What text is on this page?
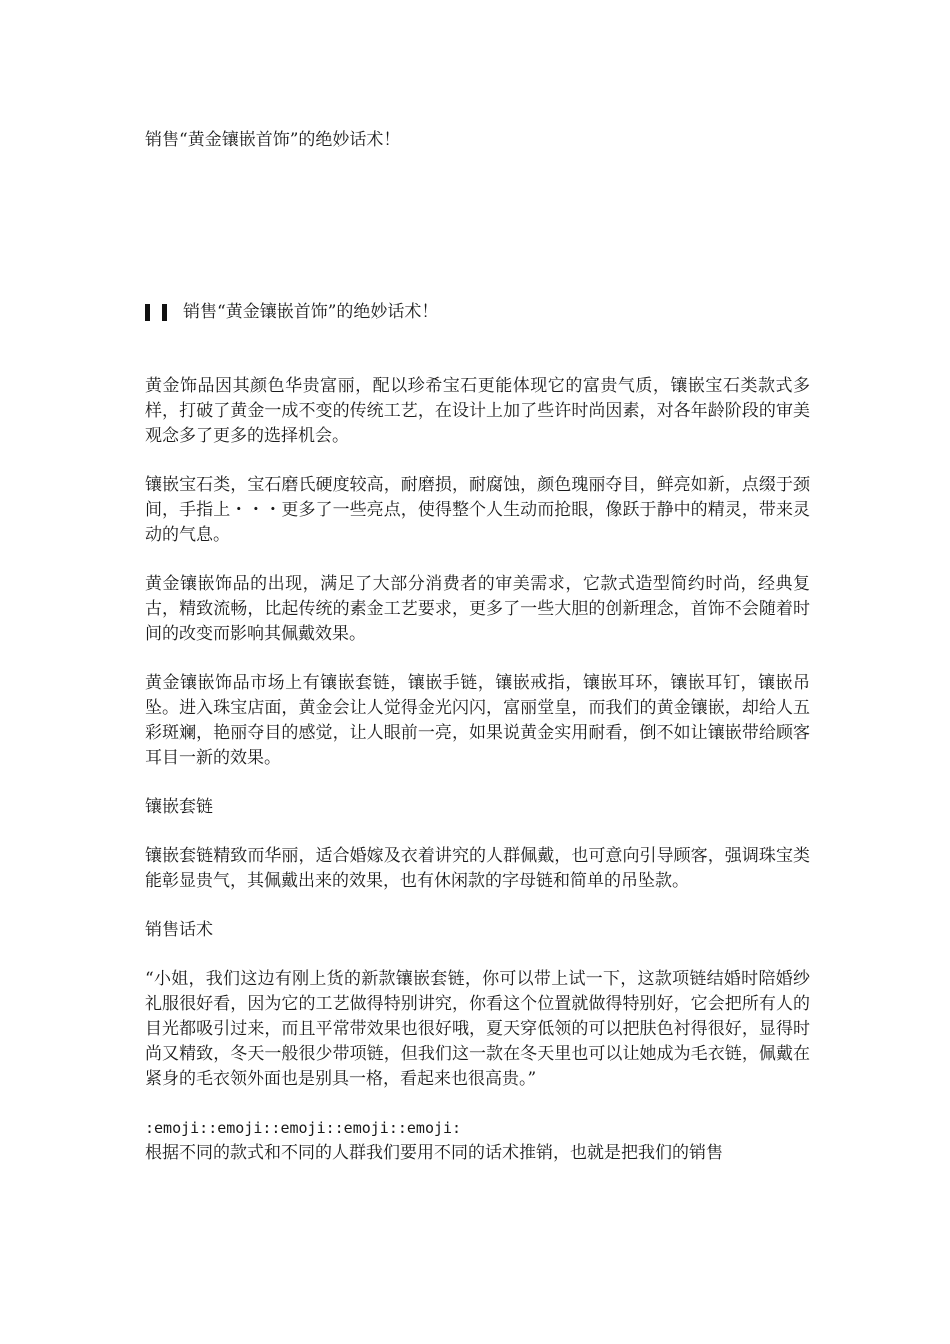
销售“黄金镶嵌首饰”的绝妙话术！
销售“黄金镶嵌首饰”的绝妙话术！

黄金饰品因其颜色华贵富丽，配以珍希宝石更能体现它的富贵气质，镶嵌宝石类款式多样，打破了黄金一成不变的传统工艺，在设计上加了些许时尚因素，对各年龄阶段的审美观念多了更多的选择机会。

镶嵌宝石类，宝石磨氏硬度较高，耐磨损，耐腐蚀，颜色瑰丽夺目，鲜亮如新，点缀于颈间，手指上・・・更多了一些亮点，使得整个人生动而抢眼，像跃于静中的精灵，带来灵动的气息。

黄金镶嵌饰品的出现，满足了大部分消费者的审美需求，它款式造型简约时尚，经典复古，精致流畅，比起传统的素金工艺要求，更多了一些大胆的创新理念，首饰不会随着时间的改变而影响其佩戴效果。

黄金镶嵌饰品市场上有镶嵌套链，镶嵌手链，镶嵌戒指，镶嵌耳环，镶嵌耳钉，镶嵌吊坠。进入珠宝店面，黄金会让人觉得金光闪闪，富丽堂皇，而我们的黄金镶嵌，却给人五彩斑斓，艳丽夺目的感觉，让人眼前一亮，如果说黄金实用耐看，倒不如让镶嵌带给顾客耳目一新的效果。

镶嵌套链

镶嵌套链精致而华丽，适合婚嫁及衣着讲究的人群佩戴，也可意向引导顾客，强调珠宝类能彰显贵气，其佩戴出来的效果，也有休闲款的字母链和简单的吊坠款。

销售话术

“小姐，我们这边有刚上货的新款镶嵌套链，你可以带上试一下，这款项链结婚时陪婚纱礼服很好看，因为它的工艺做得特别讲究，你看这个位置就做得特别好，它会把所有人的目光都吸引过来，而且平常带效果也很好哦，夏天穿低领的可以把肤色衬得很好，显得时尚又精致，冬天一般很少带项链，但我们这一款在冬天里也可以让她成为毛衣链，佩戴在紧身的毛衣领外面也是别具一格，看起来也很高贵。”

:emoji::emoji::emoji::emoji::emoji:

根据不同的款式和不同的人群我们要用不同的话术推销，也就是把我们的销售
